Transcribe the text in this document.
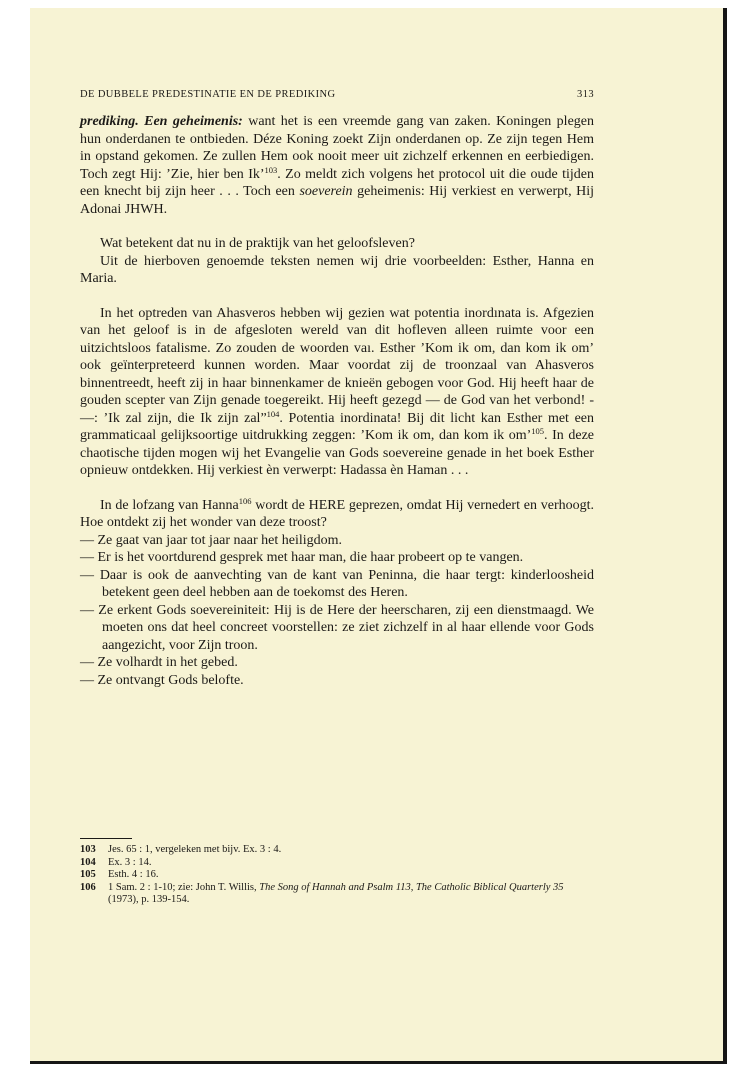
DE DUBBELE PREDESTINATIE EN DE PREDIKING	313

prediking. Een geheimenis: want het is een vreemde gang van zaken. Koningen plegen hun onderdanen te ontbieden. Déze Koning zoekt Zijn onderdanen op. Ze zijn tegen Hem in opstand gekomen. Ze zullen Hem ook nooit meer uit zichzelf erkennen en eerbiedigen. Toch zegt Hij: ’Zie, hier ben Ik’$^{103}$. Zo meldt zich volgens het protocol uit die oude tijden een knecht bij zijn heer . . . Toch een soeverein geheimenis: Hij verkiest en verwerpt, Hij Adonai JHWH.

Wat betekent dat nu in de praktijk van het geloofsleven?

Uit de hierboven genoemde teksten nemen wij drie voorbeelden: Esther, Hanna en Maria.

In het optreden van Ahasveros hebben wij gezien wat potentia inordınata is. Afgezien van het geloof is in de afgesloten wereld van dit hofleven alleen ruimte voor een uitzichtsloos fatalisme. Zo zouden de woorden vaı. Esther ’Kom ik om, dan kom ik om’ ook geïnterpreteerd kunnen worden. Maar voordat zij de troonzaal van Ahasveros binnentreedt, heeft zij in haar binnenkamer de knieën gebogen voor God. Hij heeft haar de gouden scepter van Zijn genade toegereikt. Hij heeft gezegd — de God van het verbond! -—: ’Ik zal zijn, die Ik zijn zal”$^{104}$. Potentia inordinata! Bij dit licht kan Esther met een grammaticaal gelijksoortige uitdrukking zeggen: ’Kom ik om, dan kom ik om’$^{105}$. In deze chaotische tijden mogen wij het Evangelie van Gods soevereine genade in het boek Esther opnieuw ontdekken. Hij verkiest èn verwerpt: Hadassa èn Haman . . .

In de lofzang van Hanna$^{106}$ wordt de HERE geprezen, omdat Hij vernedert en verhoogt. Hoe ontdekt zij het wonder van deze troost?

— Ze gaat van jaar tot jaar naar het heiligdom.

— Er is het voortdurend gesprek met haar man, die haar probeert op te vangen.

— Daar is ook de aanvechting van de kant van Peninna, die haar tergt: kinderloosheid betekent geen deel hebben aan de toekomst des Heren.

— Ze erkent Gods soevereiniteit: Hij is de Here der heerscharen, zij een dienstmaagd. We moeten ons dat heel concreet voorstellen: ze ziet zichzelf in al haar ellende voor Gods aangezicht, voor Zijn troon.

— Ze volhardt in het gebed.

— Ze ontvangt Gods belofte.

103	Jes. 65 : 1, vergeleken met bijv. Ex. 3 : 4.
104	Ex. 3 : 14.
105	Esth. 4 : 16.
106	1 Sam. 2 : 1-10; zie: John T. Willis, The Song of Hannah and Psalm 113, The Catholic Biblical Quarterly 35 (1973), p. 139-154.
